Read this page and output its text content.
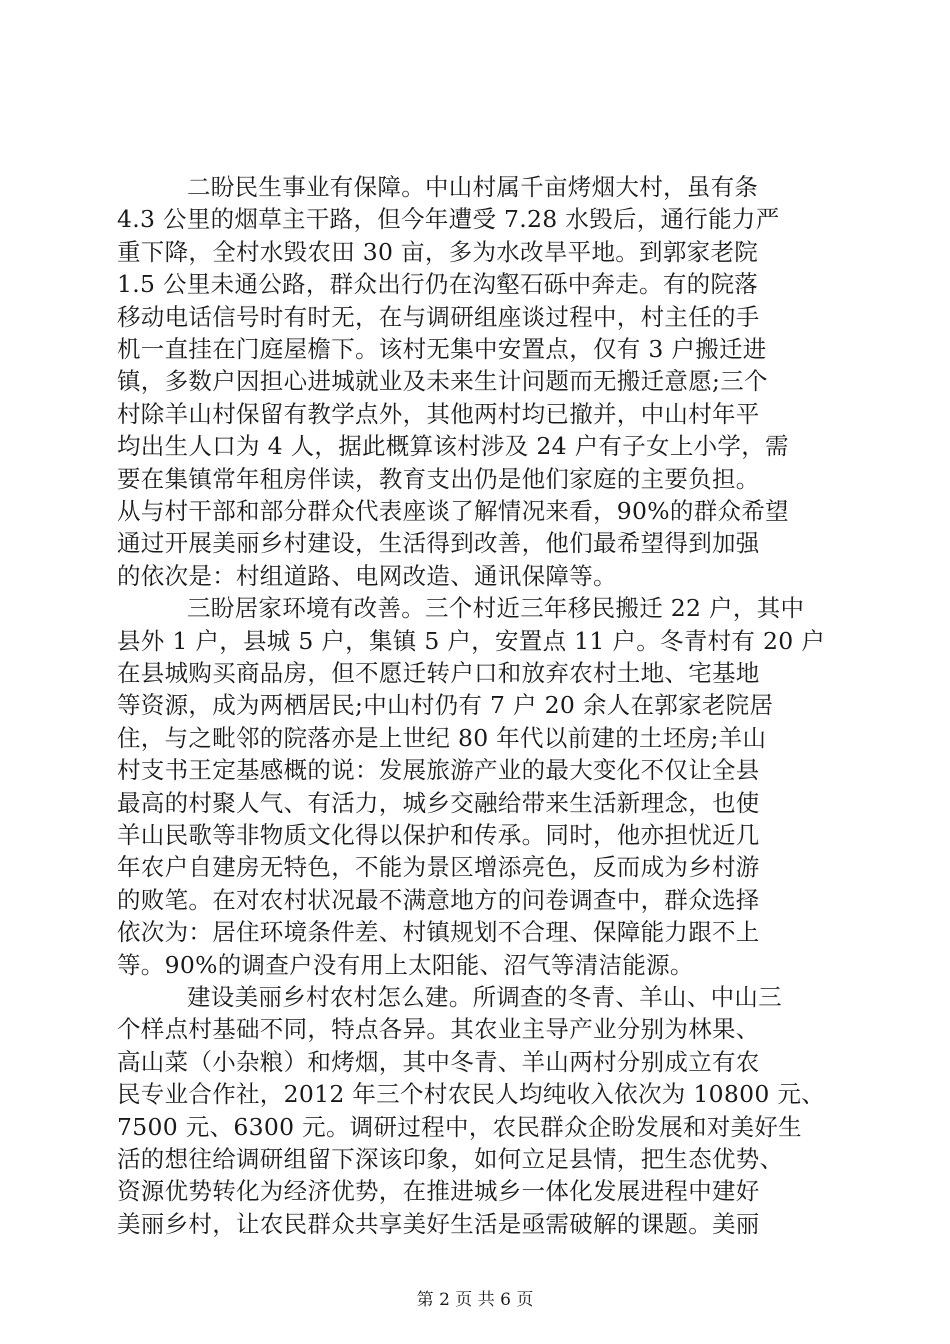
二盼民生事业有保障。中山村属千亩烤烟大村，虽有条
4.3 公里的烟草主干路，但今年遭受 7.28 水毁后，通行能力严
重下降，全村水毁农田 30 亩，多为水改旱平地。到郭家老院
1.5 公里未通公路，群众出行仍在沟壑石砾中奔走。有的院落
移动电话信号时有时无，在与调研组座谈过程中，村主任的手
机一直挂在门庭屋檐下。该村无集中安置点，仅有 3 户搬迁进
镇，多数户因担心进城就业及未来生计问题而无搬迁意愿;三个
村除羊山村保留有教学点外，其他两村均已撤并，中山村年平
均出生人口为 4 人，据此概算该村涉及 24 户有子女上小学，需
要在集镇常年租房伴读，教育支出仍是他们家庭的主要负担。
从与村干部和部分群众代表座谈了解情况来看，90%的群众希望
通过开展美丽乡村建设，生活得到改善，他们最希望得到加强
的依次是：村组道路、电网改造、通讯保障等。
三盼居家环境有改善。三个村近三年移民搬迁 22 户，其中
县外 1 户，县城 5 户，集镇 5 户，安置点 11 户。冬青村有 20 户
在县城购买商品房，但不愿迁转户口和放弃农村土地、宅基地
等资源，成为两栖居民;中山村仍有 7 户 20 余人在郭家老院居
住，与之毗邻的院落亦是上世纪 80 年代以前建的土坯房;羊山
村支书王定基感概的说：发展旅游产业的最大变化不仅让全县
最高的村聚人气、有活力，城乡交融给带来生活新理念，也使
羊山民歌等非物质文化得以保护和传承。同时，他亦担忧近几
年农户自建房无特色，不能为景区增添亮色，反而成为乡村游
的败笔。在对农村状况最不满意地方的问卷调查中，群众选择
依次为：居住环境条件差、村镇规划不合理、保障能力跟不上
等。90%的调查户没有用上太阳能、沼气等清洁能源。
建设美丽乡村农村怎么建。所调查的冬青、羊山、中山三
个样点村基础不同，特点各异。其农业主导产业分别为林果、
高山菜（小杂粮）和烤烟，其中冬青、羊山两村分别成立有农
民专业合作社，2012 年三个村农民人均纯收入依次为 10800 元、
7500 元、6300 元。调研过程中，农民群众企盼发展和对美好生
活的想往给调研组留下深该印象，如何立足县情，把生态优势、
资源优势转化为经济优势，在推进城乡一体化发展进程中建好
美丽乡村，让农民群众共享美好生活是亟需破解的课题。美丽
第 2 页 共 6 页
